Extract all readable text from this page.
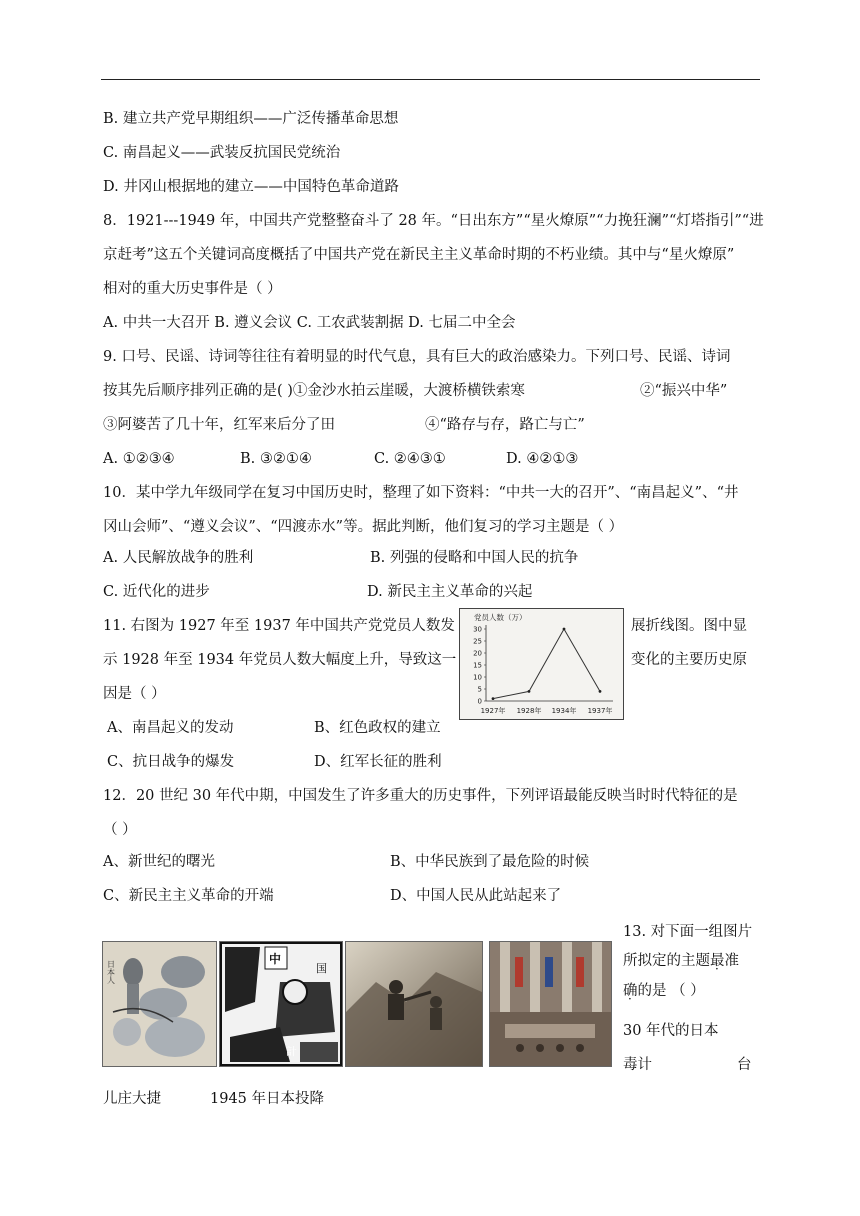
B. 建立共产党早期组织——广泛传播革命思想
C. 南昌起义——武装反抗国民党统治
D. 井冈山根据地的建立——中国特色革命道路
8．1921---1949 年，中国共产党整整奋斗了 28 年。“日出东方”“星火燎原”“力挽狂澜”“灯塔指引”“进
京赶考”这五个关键词高度概括了中国共产党在新民主主义革命时期的不朽业绩。其中与“星火燎原”
相对的重大历史事件是（ ）
A. 中共一大召开 B. 遵义会议 C. 工农武装割据 D. 七届二中全会
9. 口号、民谣、诗词等往往有着明显的时代气息，具有巨大的政治感染力。下列口号、民谣、诗词
按其先后顺序排列正确的是( )①金沙水拍云崖暖，大渡桥横铁索寒	②“振兴中华”
③阿婆苦了几十年，红军来后分了田	④“路存与存，路亡与亡”
A. ①②③④	B. ③②①④	C. ②④③①	D. ④②①③
10．某中学九年级同学在复习中国历史时，整理了如下资料：“中共一大的召开”、“南昌起义”、“井
冈山会师”、“遵义会议”、“四渡赤水”等。据此判断，他们复习的学习主题是（ ）
A. 人民解放战争的胜利	B. 列强的侵略和中国人民的抗争
C. 近代化的进步	D. 新民主主义革命的兴起
11. 右图为 1927 年至 1937 年中国共产党党员人数发	展折线图。图中显
示 1928 年至 1934 年党员人数大幅度上升，导致这一	变化的主要历史原
因是（ ）
A、南昌起义的发动	B、红色政权的建立
C、抗日战争的爆发	D、红军长征的胜利
0
5
10
15
20
25
30
1927年 1928年 1934年 1937年
党员人数（万）
12．20 世纪 30 年代中期，中国发生了许多重大的历史事件，下列评语最能反映当时时代特征的是
（ ）
A、新世纪的曙光	B、中华民族到了最危险的时候
C、新民主主义革命的开端	D、中国人民从此站起来了
日本人
中
国
計
13. 对下面一组图片
所拟定的主题最准
确的是 （ ）
30 年代的日本
毒计	台
儿庄大捷	1945 年日本投降
